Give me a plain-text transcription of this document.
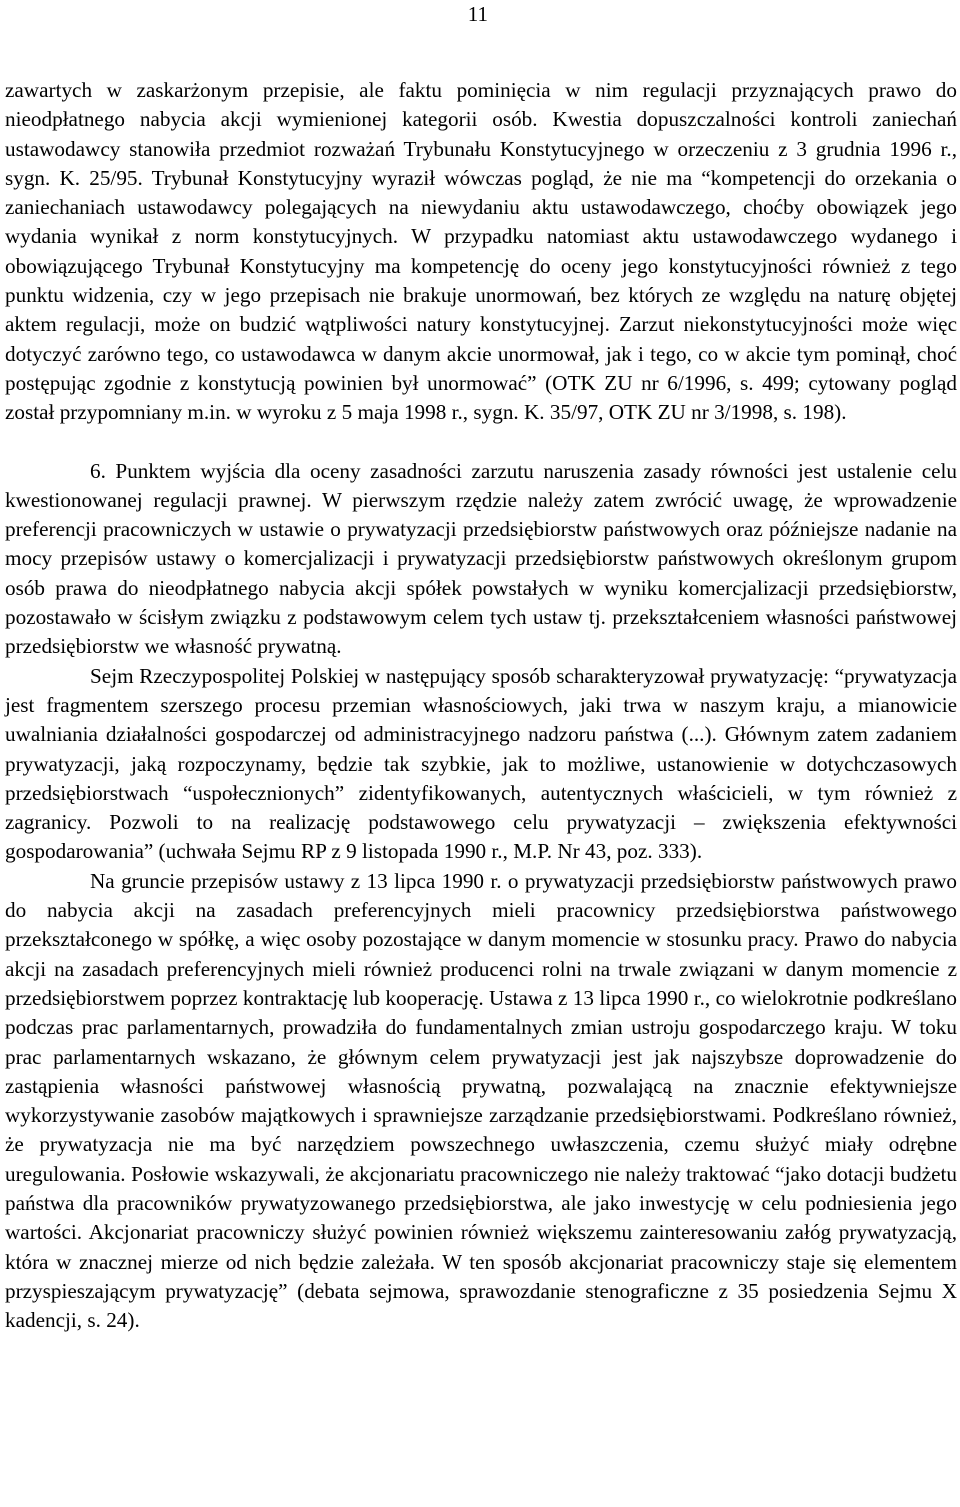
11

zawartych w zaskarżonym przepisie, ale faktu pominięcia w nim regulacji przyznających prawo do nieodpłatnego nabycia akcji wymienionej kategorii osób. Kwestia dopuszczalności kontroli zaniechań ustawodawcy stanowiła przedmiot rozważań Trybunału Konstytucyjnego w orzeczeniu z 3 grudnia 1996 r., sygn. K. 25/95. Trybunał Konstytucyjny wyraził wówczas pogląd, że nie ma “kompetencji do orzekania o zaniechaniach ustawodawcy polegających na niewydaniu aktu ustawodawczego, choćby obowiązek jego wydania wynikał z norm konstytucyjnych. W przypadku natomiast aktu ustawodawczego wydanego i obowiązującego Trybunał Konstytucyjny ma kompetencję do oceny jego konstytucyjności również z tego punktu widzenia, czy w jego przepisach nie brakuje unormowań, bez których ze względu na naturę objętej aktem regulacji, może on budzić wątpliwości natury konstytucyjnej. Zarzut niekonstytucyjności może więc dotyczyć zarówno tego, co ustawodawca w danym akcie unormował, jak i tego, co w akcie tym pominął, choć postępując zgodnie z konstytucją powinien był unormować” (OTK ZU nr 6/1996, s. 499; cytowany pogląd został przypomniany m.in. w wyroku z 5 maja 1998 r., sygn. K. 35/97, OTK ZU nr 3/1998, s. 198).

6. Punktem wyjścia dla oceny zasadności zarzutu naruszenia zasady równości jest ustalenie celu kwestionowanej regulacji prawnej. W pierwszym rzędzie należy zatem zwrócić uwagę, że wprowadzenie preferencji pracowniczych w ustawie o prywatyzacji przedsiębiorstw państwowych oraz późniejsze nadanie na mocy przepisów ustawy o komercjalizacji i prywatyzacji przedsiębiorstw państwowych określonym grupom osób prawa do nieodpłatnego nabycia akcji spółek powstałych w wyniku komercjalizacji przedsiębiorstw, pozostawało w ścisłym związku z podstawowym celem tych ustaw tj. przekształceniem własności państwowej przedsiębiorstw we własność prywatną.

Sejm Rzeczypospolitej Polskiej w następujący sposób scharakteryzował prywatyzację: “prywatyzacja jest fragmentem szerszego procesu przemian własnościowych, jaki trwa w naszym kraju, a mianowicie uwalniania działalności gospodarczej od administracyjnego nadzoru państwa (...). Głównym zatem zadaniem prywatyzacji, jaką rozpoczynamy, będzie tak szybkie, jak to możliwe, ustanowienie w dotychczasowych przedsiębiorstwach “uspołecznionych” zidentyfikowanych, autentycznych właścicieli, w tym również z zagranicy. Pozwoli to na realizację podstawowego celu prywatyzacji – zwiększenia efektywności gospodarowania” (uchwała Sejmu RP z 9 listopada 1990 r., M.P. Nr 43, poz. 333).

Na gruncie przepisów ustawy z 13 lipca 1990 r. o prywatyzacji przedsiębiorstw państwowych prawo do nabycia akcji na zasadach preferencyjnych mieli pracownicy przedsiębiorstwa państwowego przekształconego w spółkę, a więc osoby pozostające w danym momencie w stosunku pracy. Prawo do nabycia akcji na zasadach preferencyjnych mieli również producenci rolni na trwale związani w danym momencie z przedsiębiorstwem poprzez kontraktację lub kooperację. Ustawa z 13 lipca 1990 r., co wielokrotnie podkreślano podczas prac parlamentarnych, prowadziła do fundamentalnych zmian ustroju gospodarczego kraju. W toku prac parlamentarnych wskazano, że głównym celem prywatyzacji jest jak najszybsze doprowadzenie do zastąpienia własności państwowej własnością prywatną, pozwalającą na znacznie efektywniejsze wykorzystywanie zasobów majątkowych i sprawniejsze zarządzanie przedsiębiorstwami. Podkreślano również, że prywatyzacja nie ma być narzędziem powszechnego uwłaszczenia, czemu służyć miały odrębne uregulowania. Posłowie wskazywali, że akcjonariatu pracowniczego nie należy traktować “jako dotacji budżetu państwa dla pracowników prywatyzowanego przedsiębiorstwa, ale jako inwestycję w celu podniesienia jego wartości. Akcjonariat pracowniczy służyć powinien również większemu zainteresowaniu załóg prywatyzacją, która w znacznej mierze od nich będzie zależała. W ten sposób akcjonariat pracowniczy staje się elementem przyspieszającym prywatyzację” (debata sejmowa, sprawozdanie stenograficzne z 35 posiedzenia Sejmu X kadencji, s. 24).
